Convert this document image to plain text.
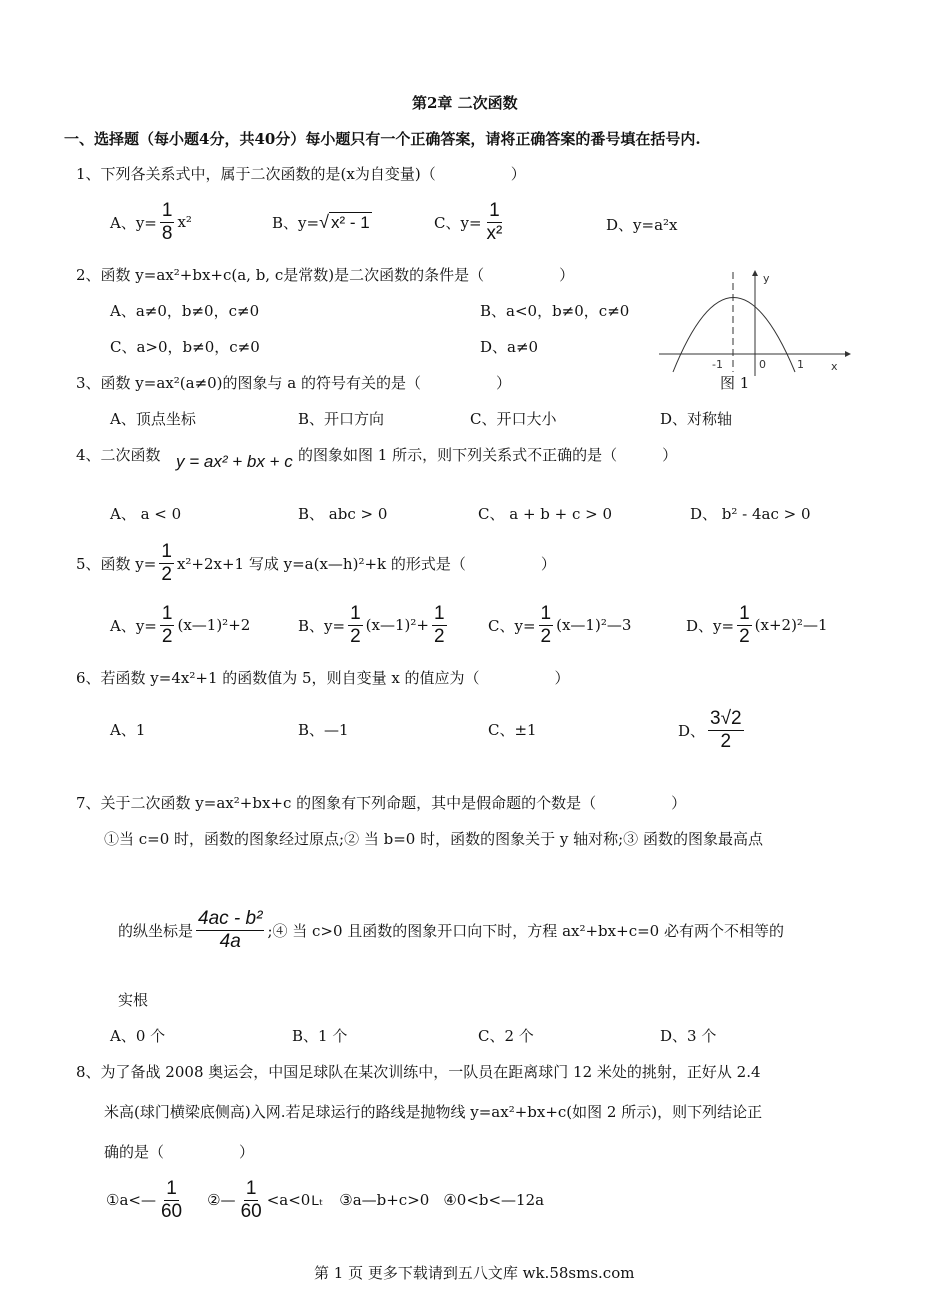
第2章 二次函数
一、选择题（每小题4分，共40分）每小题只有一个正确答案，请将正确答案的番号填在括号内.
1、下列各关系式中，属于二次函数的是(x为自变量)（　　　　　）
A、$y= \frac{1}{8} x^2$	B、y= √ x² - 1	C、$y= \frac{1}{\text{x²}}$	D、y=a²x
2、函数 y=ax²+bx+c(a, b, c是常数)是二次函数的条件是（　　　　　）
A、a≠0，b≠0，c≠0	B、a<0，b≠0，c≠0
C、a>0，b≠0，c≠0	D、a≠0
-1	0	1 x
y
图 1
3、函数 y=ax²(a≠0)的图象与 a 的符号有关的是（　　　　　）
A、顶点坐标	B、开口方向	C、开口大小	D、对称轴
4、二次函数 y = ax² + bx + c 的图象如图 1 所示，则下列关系式不正确的是（　　　）
A、 a < 0	B、 abc > 0	C、 a + b + c > 0	D、 b² - 4ac > 0
5、函数 $y= \frac{1}{2} x^2+2x+1$ 写成 y=a(x—h)²+k 的形式是（　　　　　）
A、$y= \frac{1}{2}$ (x—1)²+2	B、$y= \frac{1}{2}$ (x—1)²+ $\frac{1}{2}$	C、$y= \frac{1}{2}$ (x—1)²—3	D、$y= \frac{1}{2}$ (x+2)²—1
6、若函数 y=4x²+1 的函数值为 5，则自变量 x 的值应为（　　　　　）
A、1	B、—1	C、±1	D、 $\frac{3√2}{2}$
7、关于二次函数 y=ax²+bx+c 的图象有下列命题，其中是假命题的个数是（　　　　　）
①当 c=0 时，函数的图象经过原点;② 当 b=0 时，函数的图象关于 y 轴对称;③ 函数的图象最高点
的纵坐标是 $\frac{\text{4ac - b²}}{4a}$ ;④ 当 c>0 且函数的图象开口向下时，方程 ax²+bx+c=0 必有两个不相等的
实根
A、0 个	B、1 个	C、2 个	D、3 个
8、为了备战 2008 奥运会，中国足球队在某次训练中，一队员在距离球门 12 米处的挑射，正好从 2.4
米高(球门横梁底侧高)入网.若足球运行的路线是抛物线 y=ax²+bx+c(如图 2 所示)，则下列结论正
确的是（　　　　　）
①a<— $\frac{1}{60}$ ②— $\frac{1}{60} <a<0$ Lₜ ③a—b+c>0 ④0<b<—12a
第 1 页 更多下载请到五八文库 wk.58sms.com
